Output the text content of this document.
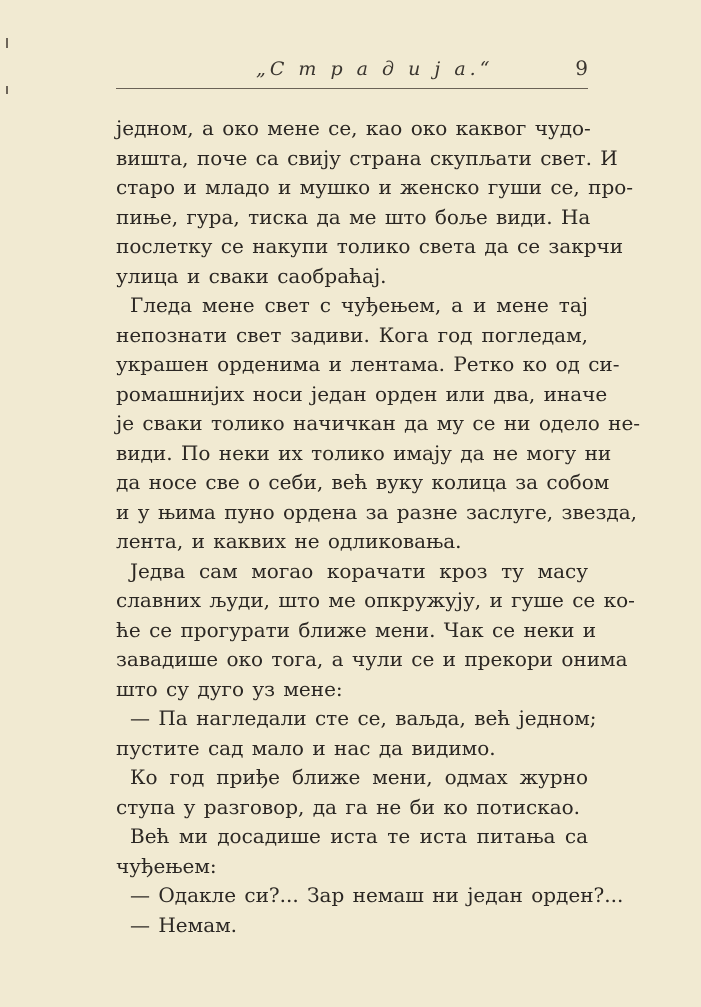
„С т р а д и ј а.“	9
једном, а око мене се, као око каквог чудо-
вишта, поче са свију страна скупљати свет. И
старо и младо и мушко и женско гуши се, про-
пиње, гура, тиска да ме што боље види. На
послетку се накупи толико света да се закрчи
улица и сваки саобраћај.
Гледа мене свет с чуђењем, а и мене тај
непознати свет задиви. Кога год погледам,
украшен орденима и лентама. Ретко ко од си-
ромашнијих носи један орден или два, иначе
је сваки толико начичкан да му се ни одело не-
види. По неки их толико имају да не могу ни
да носе све о себи, већ вуку колица за собом
и у њима пуно ордена за разне заслуге, звезда,
лента, и каквих не одликовања.
Једва сам могао корачати кроз ту масу
славних људи, што ме опкружују, и гуше се ко-
ће се прогурати ближе мени. Чак се неки и
завадише око тога, а чули се и прекори онима
што су дуго уз мене:
— Па нагледали сте се, ваљда, већ једном;
пустите сад мало и нас да видимо.
Ко год приђе ближе мени, одмах журно
ступа у разговор, да га не би ко потискао.
Већ ми досадише иста те иста питања са
чуђењем:
— Одакле си?... Зар немаш ни један орден?...
— Немам.
